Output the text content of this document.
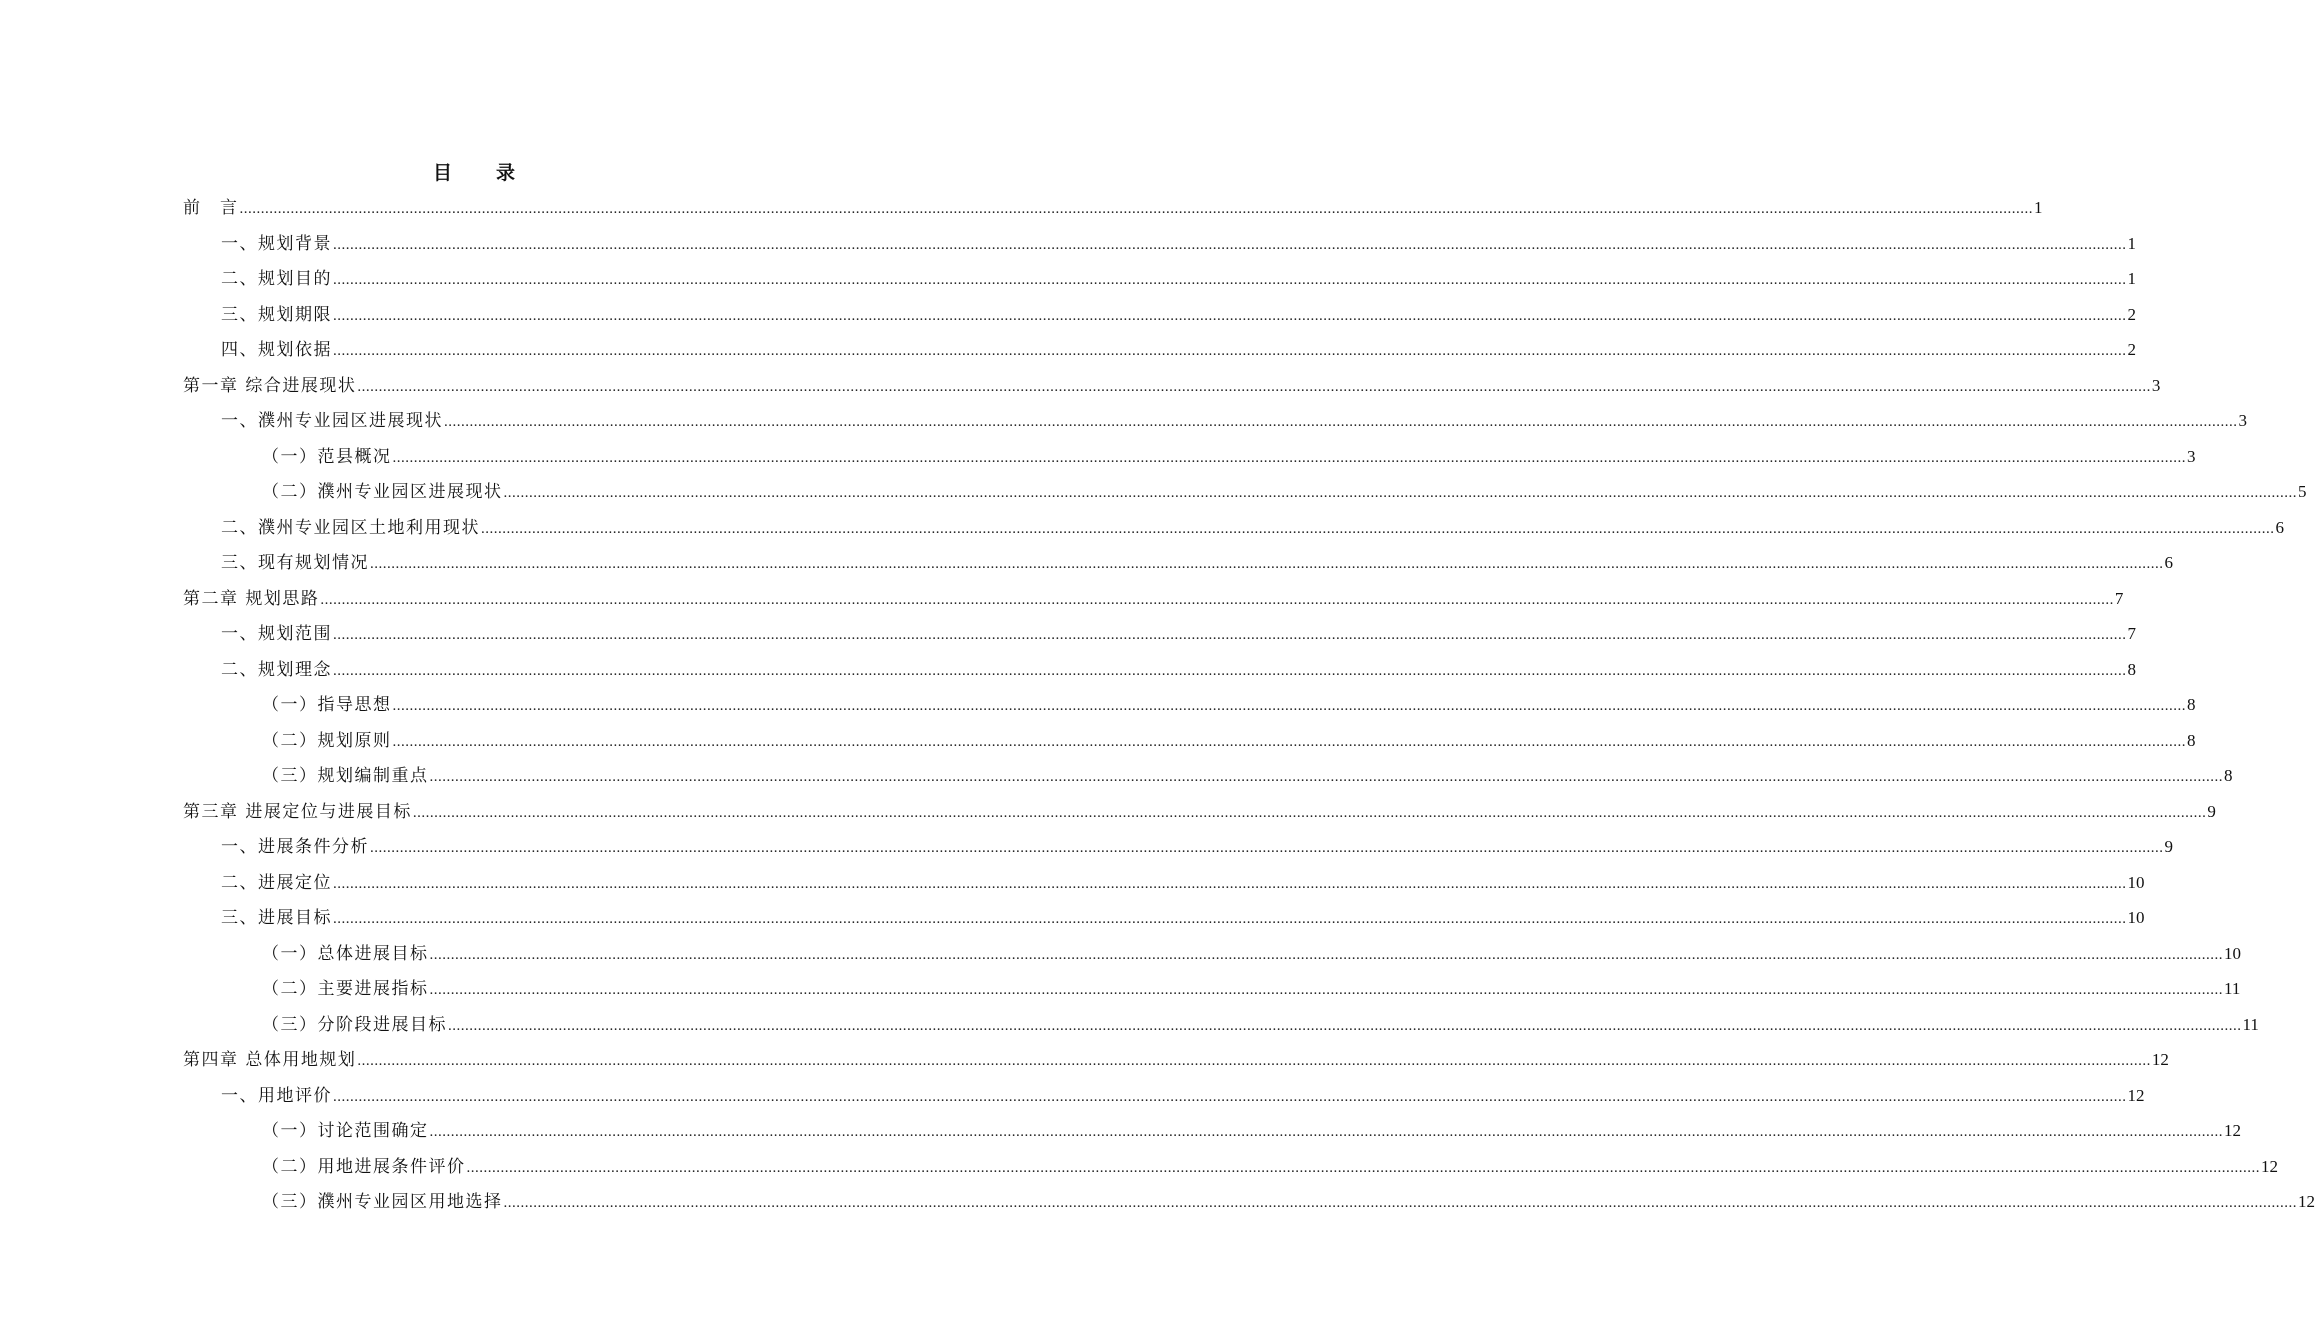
目　　录
前　言 ...................................................................................................................................................................................................................................................................................................................................................................................................................................... 1
一、规划背景 ...................................................................................................................................................................................................................................................................................................................................................................................................................................... 1
二、规划目的 ...................................................................................................................................................................................................................................................................................................................................................................................................................................... 1
三、规划期限 ...................................................................................................................................................................................................................................................................................................................................................................................................................................... 2
四、规划依据 ...................................................................................................................................................................................................................................................................................................................................................................................................................................... 2
第一章 综合进展现状 ...................................................................................................................................................................................................................................................................................................................................................................................................................................... 3
一、濮州专业园区进展现状 ...................................................................................................................................................................................................................................................................................................................................................................................................................................... 3
（一）范县概况 ...................................................................................................................................................................................................................................................................................................................................................................................................................................... 3
（二）濮州专业园区进展现状 ...................................................................................................................................................................................................................................................................................................................................................................................................................................... 5
二、濮州专业园区土地利用现状 ...................................................................................................................................................................................................................................................................................................................................................................................................................................... 6
三、现有规划情况 ...................................................................................................................................................................................................................................................................................................................................................................................................................................... 6
第二章 规划思路 ...................................................................................................................................................................................................................................................................................................................................................................................................................................... 7
一、规划范围 ...................................................................................................................................................................................................................................................................................................................................................................................................................................... 7
二、规划理念 ...................................................................................................................................................................................................................................................................................................................................................................................................................................... 8
（一）指导思想 ...................................................................................................................................................................................................................................................................................................................................................................................................................................... 8
（二）规划原则 ...................................................................................................................................................................................................................................................................................................................................................................................................................................... 8
（三）规划编制重点 ...................................................................................................................................................................................................................................................................................................................................................................................................................................... 8
第三章 进展定位与进展目标 ...................................................................................................................................................................................................................................................................................................................................................................................................................................... 9
一、进展条件分析 ...................................................................................................................................................................................................................................................................................................................................................................................................................................... 9
二、进展定位 ...................................................................................................................................................................................................................................................................................................................................................................................................................................... 10
三、进展目标 ...................................................................................................................................................................................................................................................................................................................................................................................................................................... 10
（一）总体进展目标 ...................................................................................................................................................................................................................................................................................................................................................................................................................................... 10
（二）主要进展指标 ...................................................................................................................................................................................................................................................................................................................................................................................................................................... 11
（三）分阶段进展目标 ...................................................................................................................................................................................................................................................................................................................................................................................................................................... 11
第四章 总体用地规划 ...................................................................................................................................................................................................................................................................................................................................................................................................................................... 12
一、用地评价 ...................................................................................................................................................................................................................................................................................................................................................................................................................................... 12
（一）讨论范围确定 ...................................................................................................................................................................................................................................................................................................................................................................................................................................... 12
（二）用地进展条件评价 ...................................................................................................................................................................................................................................................................................................................................................................................................................................... 12
（三）濮州专业园区用地选择 ...................................................................................................................................................................................................................................................................................................................................................................................................................................... 12
